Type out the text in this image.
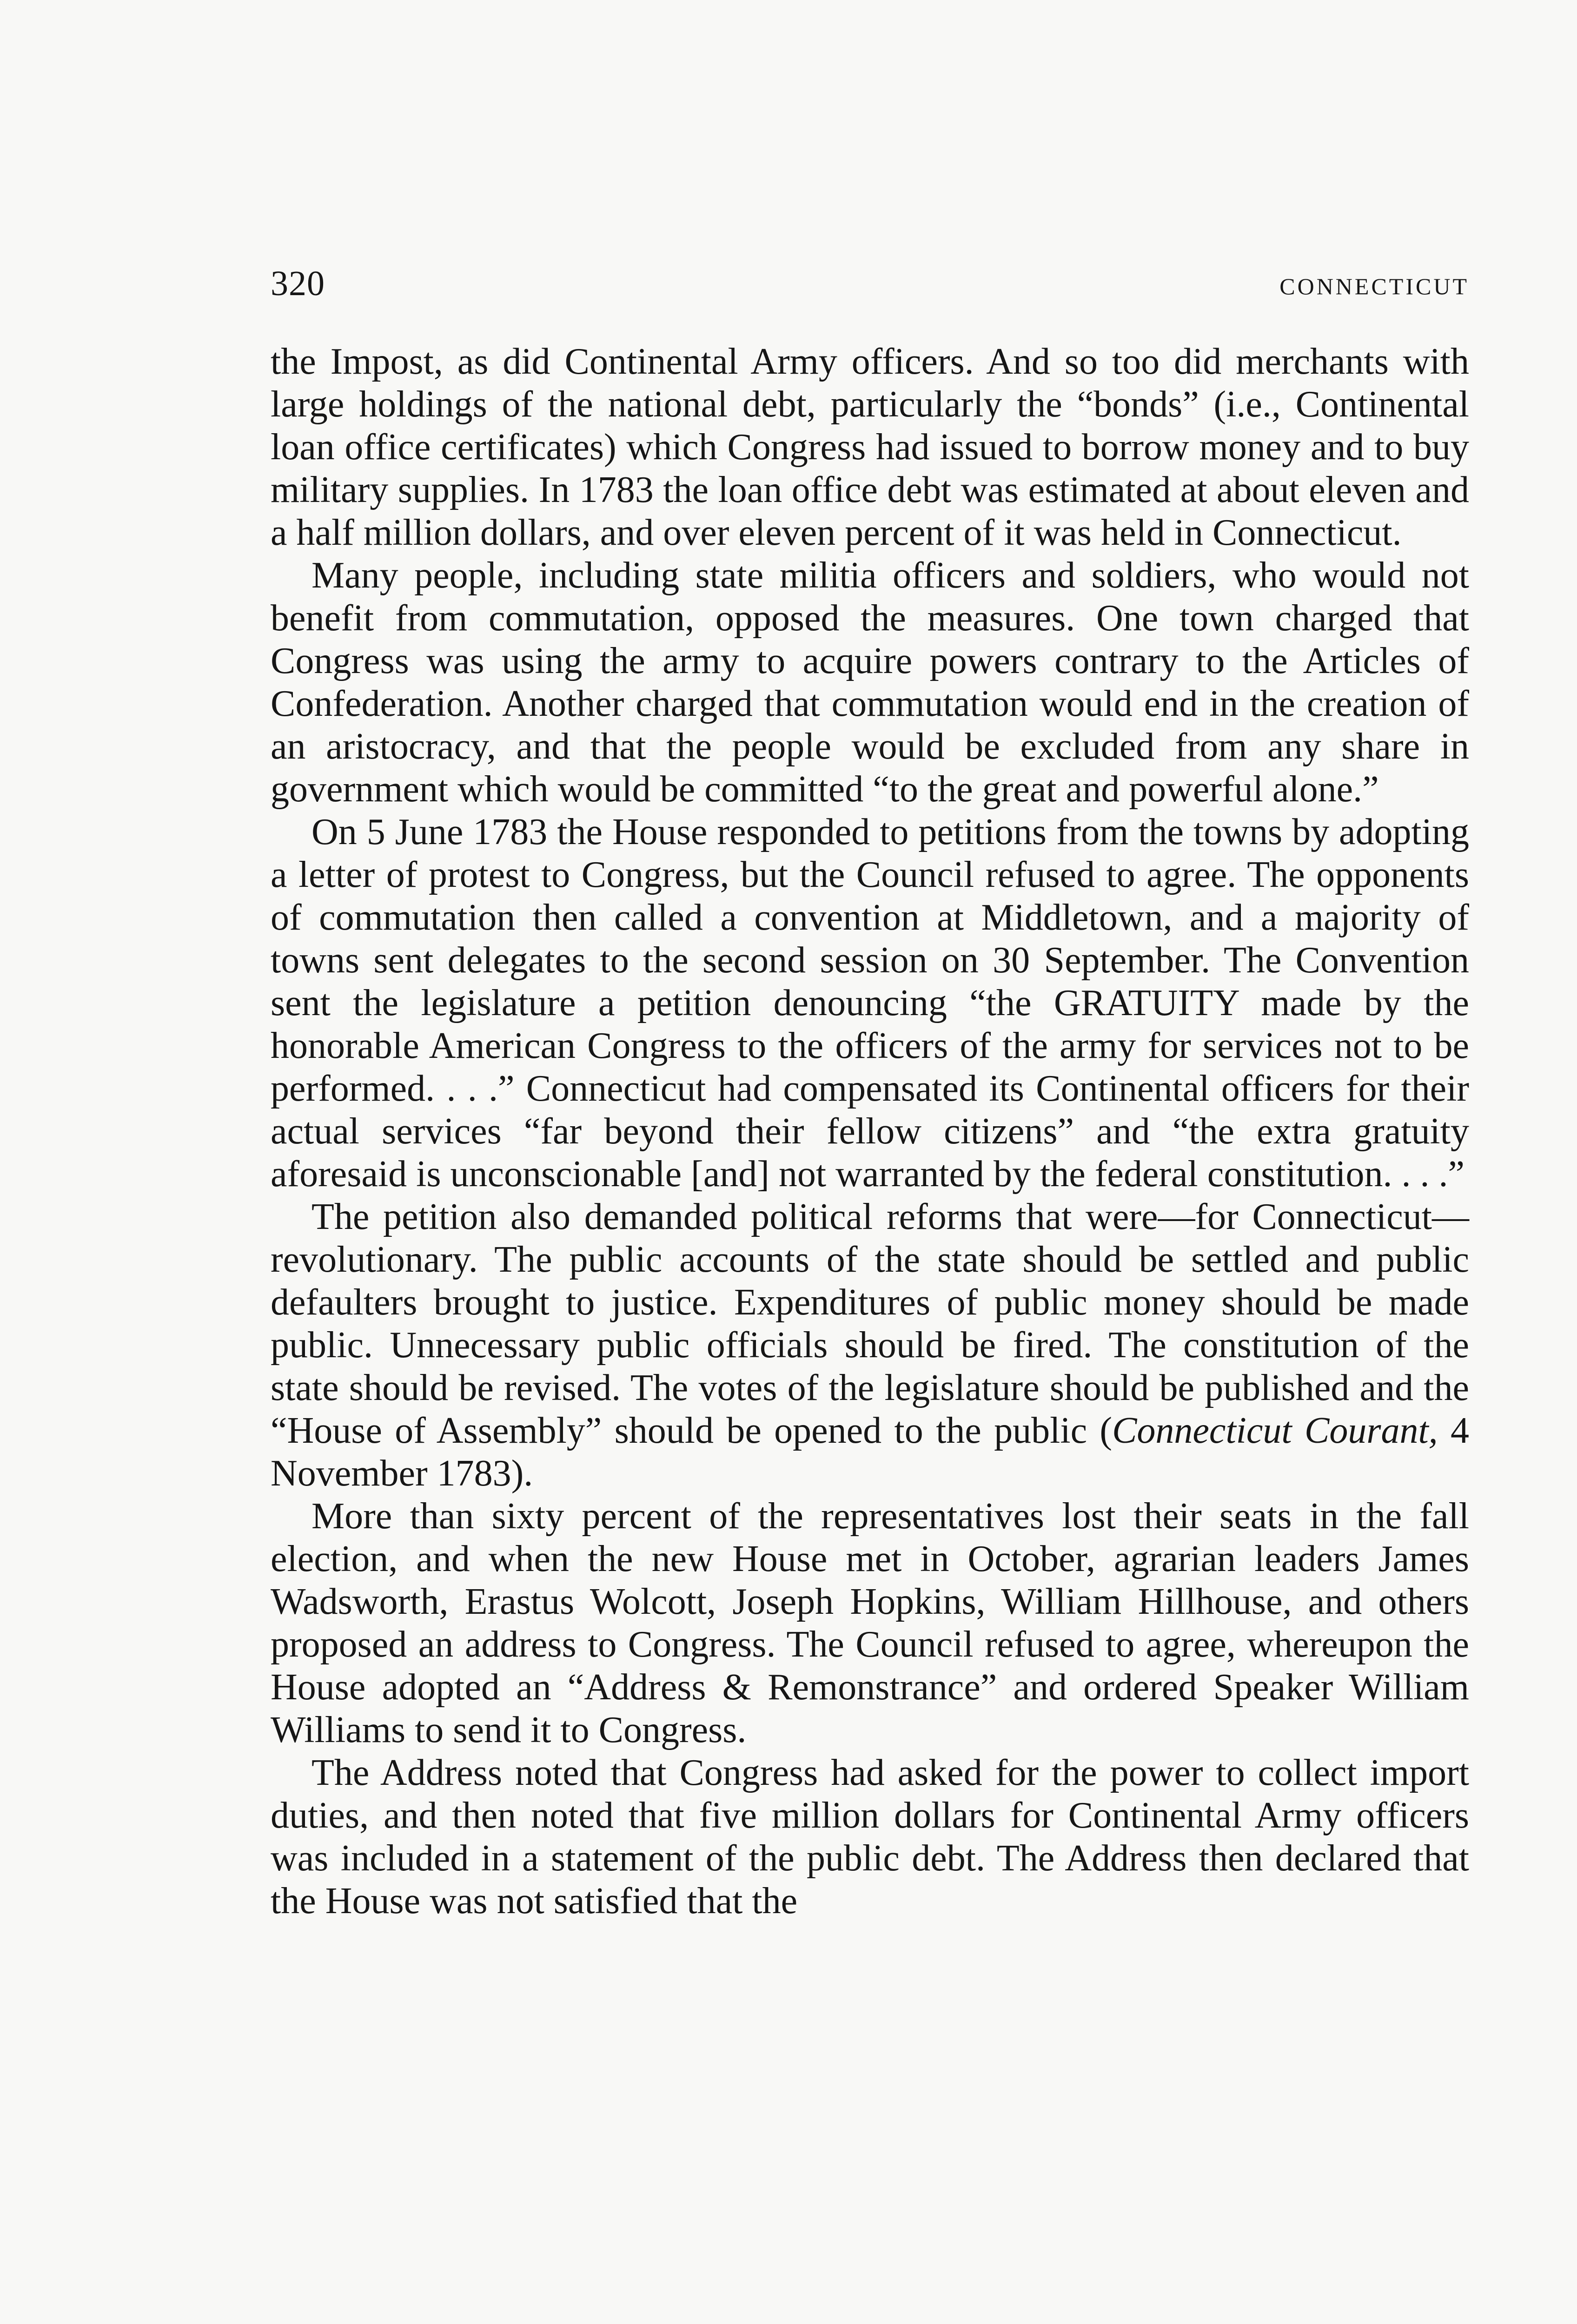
320	CONNECTICUT

the Impost, as did Continental Army officers. And so too did merchants with large holdings of the national debt, particularly the “bonds” (i.e., Continental loan office certificates) which Congress had issued to borrow money and to buy military supplies. In 1783 the loan office debt was estimated at about eleven and a half million dollars, and over eleven percent of it was held in Connecticut.

Many people, including state militia officers and soldiers, who would not benefit from commutation, opposed the measures. One town charged that Congress was using the army to acquire powers contrary to the Articles of Confederation. Another charged that commutation would end in the creation of an aristocracy, and that the people would be excluded from any share in government which would be committed “to the great and powerful alone.”

On 5 June 1783 the House responded to petitions from the towns by adopting a letter of protest to Congress, but the Council refused to agree. The opponents of commutation then called a convention at Middletown, and a majority of towns sent delegates to the second session on 30 September. The Convention sent the legislature a petition denouncing “the GRATUITY made by the honorable American Congress to the officers of the army for services not to be performed. . . .” Connecticut had compensated its Continental officers for their actual services “far beyond their fellow citizens” and “the extra gratuity aforesaid is unconscionable [and] not warranted by the federal constitution. . . .”

The petition also demanded political reforms that were—for Connecticut—revolutionary. The public accounts of the state should be settled and public defaulters brought to justice. Expenditures of public money should be made public. Unnecessary public officials should be fired. The constitution of the state should be revised. The votes of the legislature should be published and the “House of Assembly” should be opened to the public (Connecticut Courant, 4 November 1783).

More than sixty percent of the representatives lost their seats in the fall election, and when the new House met in October, agrarian leaders James Wadsworth, Erastus Wolcott, Joseph Hopkins, William Hillhouse, and others proposed an address to Congress. The Council refused to agree, whereupon the House adopted an “Address & Remonstrance” and ordered Speaker William Williams to send it to Congress.

The Address noted that Congress had asked for the power to collect import duties, and then noted that five million dollars for Continental Army officers was included in a statement of the public debt. The Address then declared that the House was not satisfied that the
